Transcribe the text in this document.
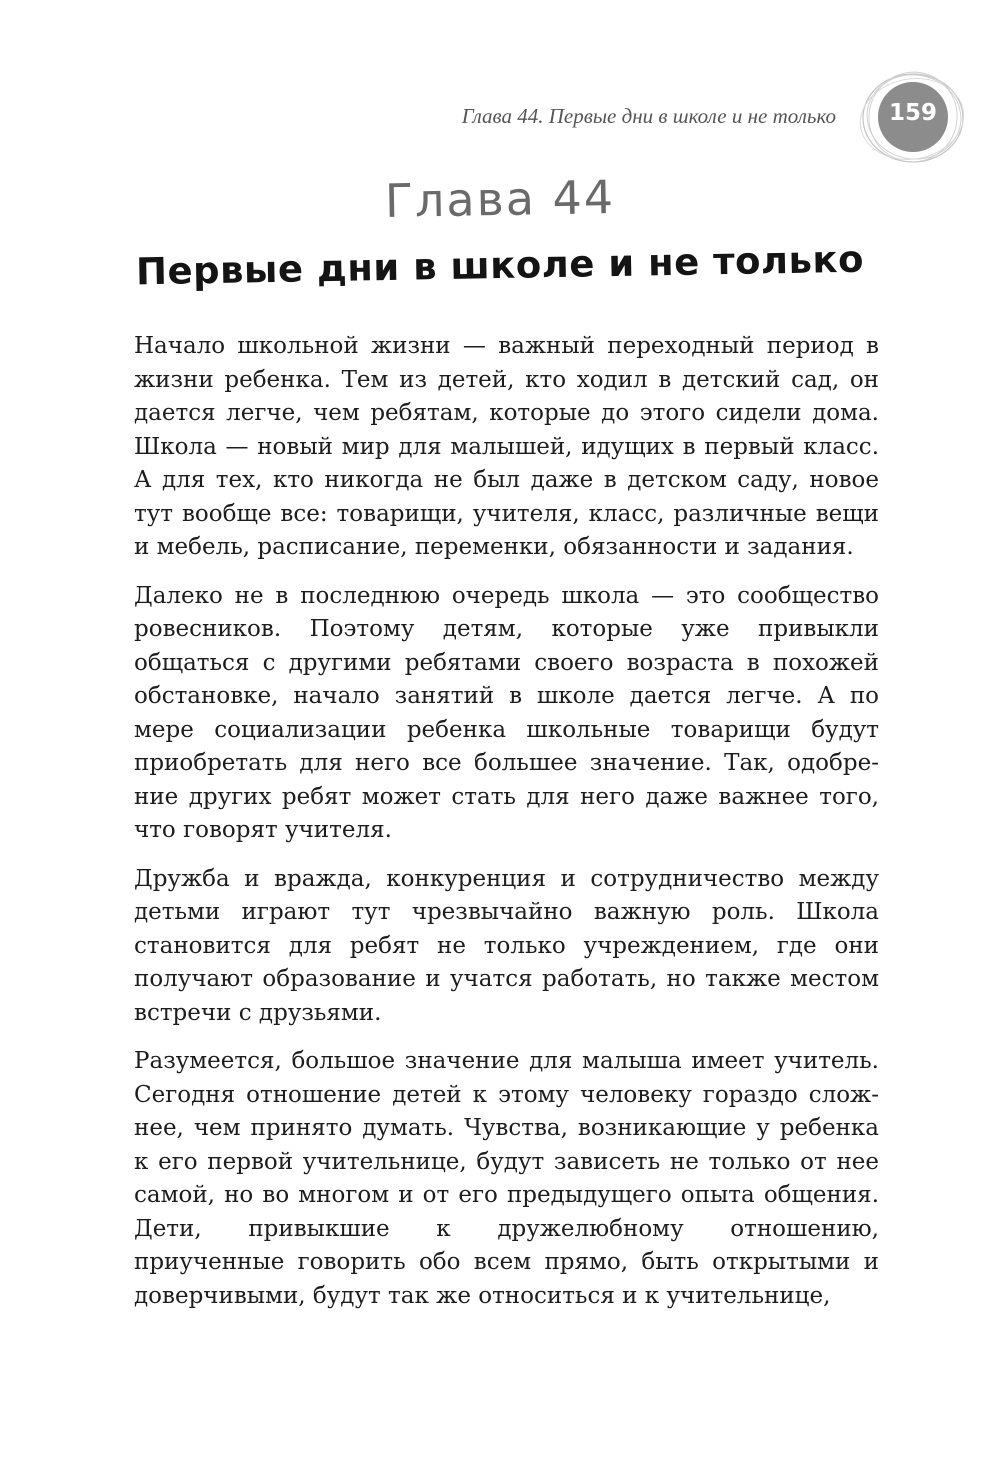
Глава 44. Первые дни в школе и не только	159
Глава 44
Первые дни в школе и не только

Начало школьной жизни — важный переходный период в жизни ребенка. Тем из детей, кто ходил в детский сад, он дается легче, чем ребятам, которые до этого сидели дома. Школа — новый мир для малышей, идущих в первый класс. А для тех, кто никогда не был даже в детском саду, новое тут вообще все: товарищи, учителя, класс, различные вещи и мебель, расписание, переменки, обязанности и задания.

Далеко не в последнюю очередь школа — это сообщество ровесников. Поэтому детям, которые уже привыкли общаться с другими ребятами своего возраста в похожей обстановке, начало занятий в школе дается легче. А по мере социализации ребенка школьные товарищи будут приобретать для него все большее значение. Так, одобрение других ребят может стать для него даже важнее того, что говорят учителя.

Дружба и вражда, конкуренция и сотрудничество между детьми играют тут чрезвычайно важную роль. Школа становится для ребят не только учреждением, где они получают образование и учатся работать, но также местом встречи с друзьями.

Разумеется, большое значение для малыша имеет учитель. Сегодня отношение детей к этому человеку гораздо сложнее, чем принято думать. Чувства, возникающие у ребенка к его первой учительнице, будут зависеть не только от нее самой, но во многом и от его предыдущего опыта общения. Дети, привыкшие к дружелюбному отношению, приученные говорить обо всем прямо, быть открытыми и доверчивыми, будут так же относиться и к учительнице,
